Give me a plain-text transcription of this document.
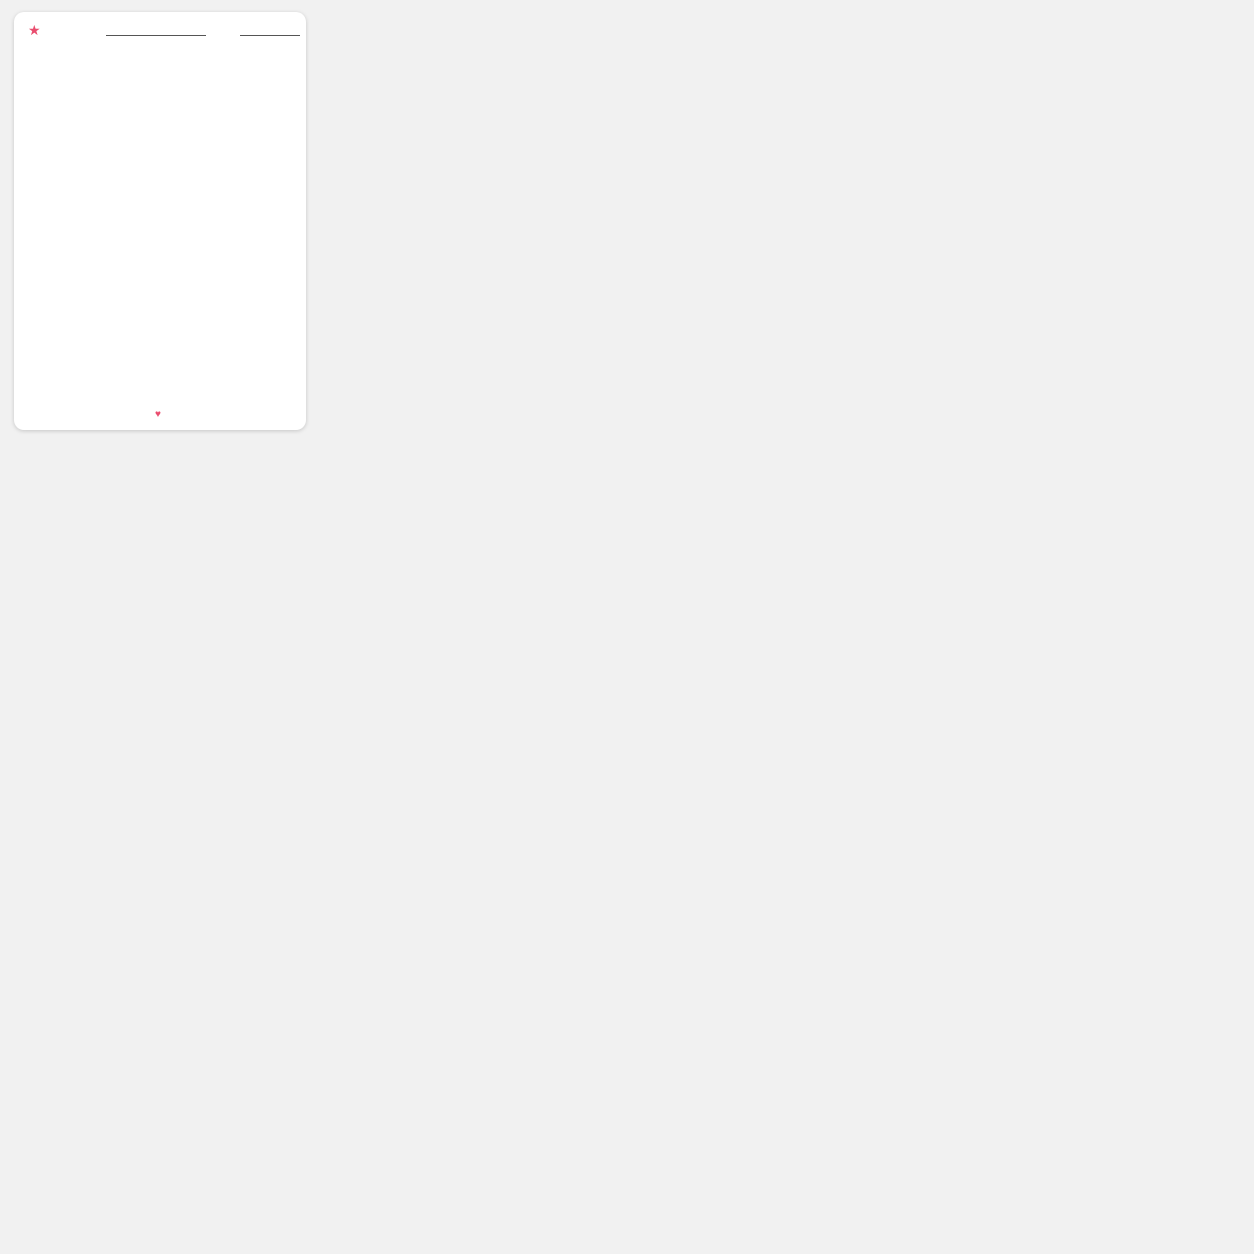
★
♥
